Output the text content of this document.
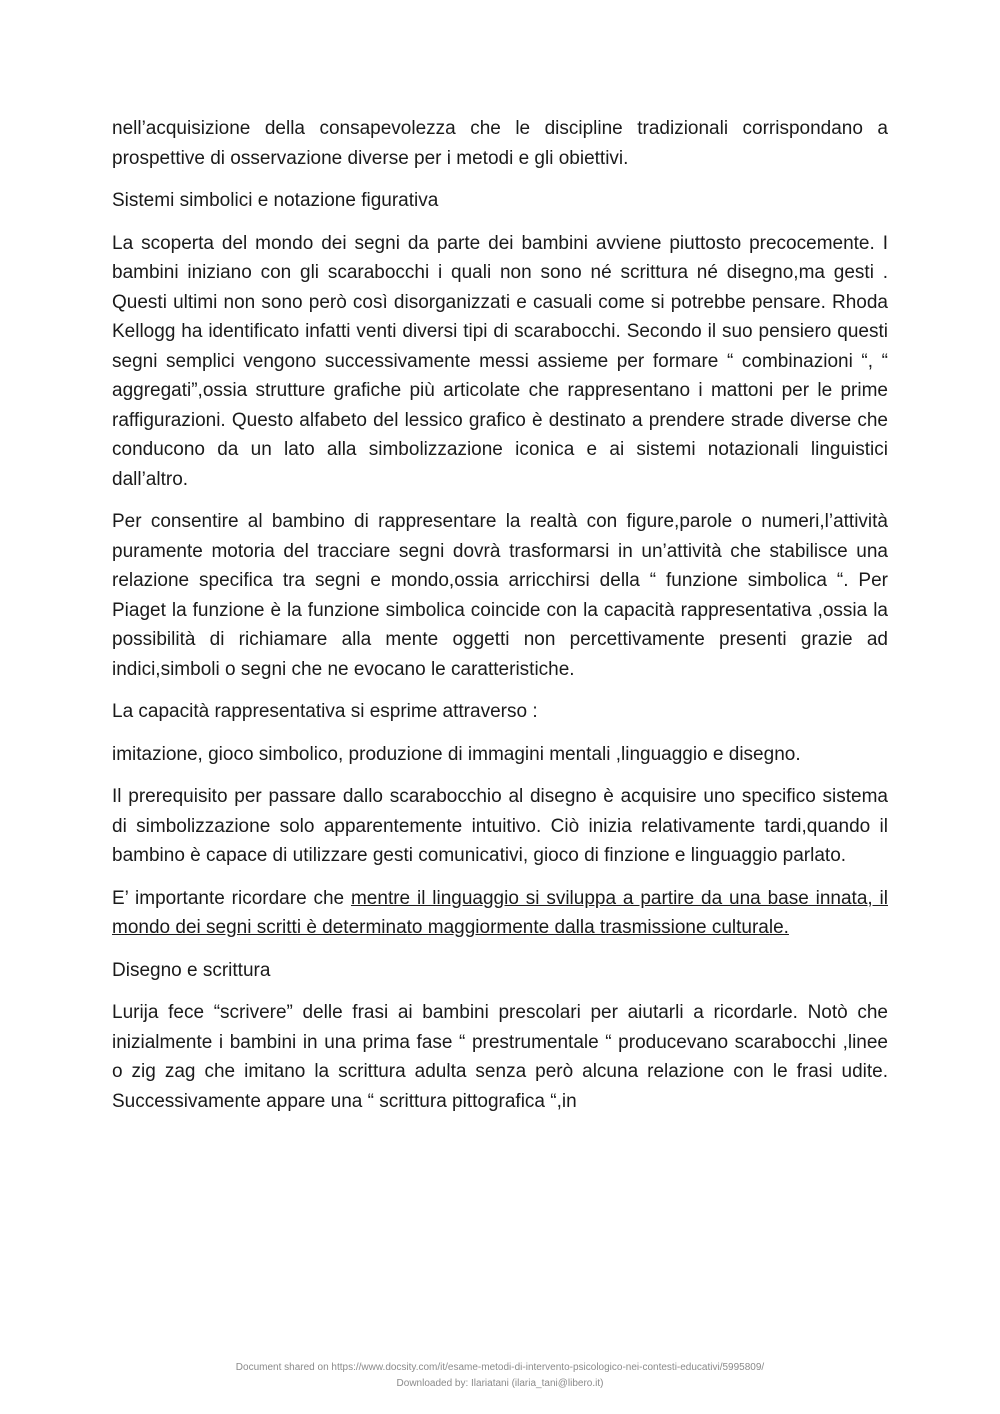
nell’acquisizione della consapevolezza che le discipline tradizionali corrispondano a prospettive di osservazione diverse per i metodi e gli obiettivi.

Sistemi simbolici e notazione figurativa

La scoperta del mondo dei segni da parte dei bambini avviene piuttosto precocemente. I bambini iniziano con gli scarabocchi i quali non sono né scrittura né disegno,ma gesti . Questi ultimi non sono però così disorganizzati e casuali come si potrebbe pensare. Rhoda Kellogg ha identificato infatti venti diversi tipi di scarabocchi. Secondo il suo pensiero questi segni semplici vengono successivamente messi assieme per formare “ combinazioni “, “ aggregati”,ossia strutture grafiche più articolate che rappresentano i mattoni per le prime raffigurazioni. Questo alfabeto del lessico grafico è destinato a prendere strade diverse che conducono da un lato alla simbolizzazione iconica e ai sistemi notazionali linguistici dall’altro.

Per consentire al bambino di rappresentare la realtà con figure,parole o numeri,l’attività puramente motoria del tracciare segni dovrà trasformarsi in un’attività che stabilisce una relazione specifica tra segni e mondo,ossia arricchirsi della “ funzione simbolica “. Per Piaget la funzione è la funzione simbolica coincide con la capacità rappresentativa ,ossia la possibilità di richiamare alla mente oggetti non percettivamente presenti grazie ad indici,simboli o segni che ne evocano le caratteristiche.

La capacità rappresentativa si esprime attraverso :

imitazione, gioco simbolico, produzione di immagini mentali ,linguaggio e disegno.

Il prerequisito per passare dallo scarabocchio al disegno è acquisire uno specifico sistema di simbolizzazione solo apparentemente intuitivo. Ciò inizia relativamente tardi,quando il bambino è capace di utilizzare gesti comunicativi, gioco di finzione e linguaggio parlato.

E’ importante ricordare che mentre il linguaggio si sviluppa a partire da una base innata, il mondo dei segni scritti è determinato maggiormente dalla trasmissione culturale.

Disegno e scrittura

Lurija fece “scrivere” delle frasi ai bambini prescolari per aiutarli a ricordarle. Notò che inizialmente i bambini in una prima fase “ prestrumentale “ producevano scarabocchi ,linee o zig zag che imitano la scrittura adulta senza però alcuna relazione con le frasi udite. Successivamente appare una “ scrittura pittografica “,in

Document shared on https://www.docsity.com/it/esame-metodi-di-intervento-psicologico-nei-contesti-educativi/5995809/
Downloaded by: Ilariatani (ilaria_tani@libero.it)
